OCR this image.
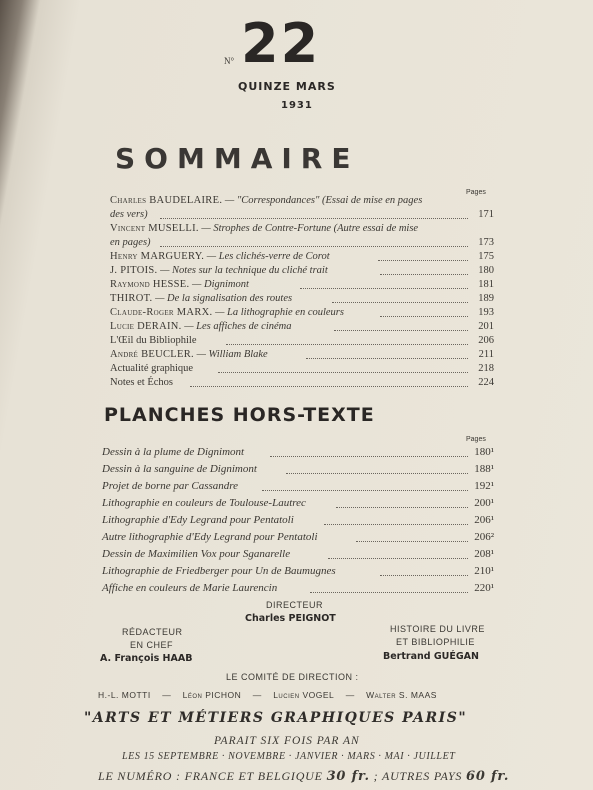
N° 22
QUINZE MARS
1931
SOMMAIRE
Pages
Charles BAUDELAIRE. — "Correspondances" (Essai de mise en pages
des vers)	171
Vincent MUSELLI. — Strophes de Contre-Fortune (Autre essai de mise
en pages)	173
Henry MARGUERY. — Les clichés-verre de Corot	175
J. PITOIS. — Notes sur la technique du cliché trait	180
Raymond HESSE. — Dignimont	181
THIROT. — De la signalisation des routes	189
Claude-Roger MARX. — La lithographie en couleurs	193
Lucie DERAIN. — Les affiches de cinéma	201
L'Œil du Bibliophile	206
André BEUCLER. — William Blake	211
Actualité graphique	218
Notes et Échos	224
PLANCHES HORS-TEXTE
Pages
Dessin à la plume de Dignimont	180¹
Dessin à la sanguine de Dignimont	188¹
Projet de borne par Cassandre	192¹
Lithographie en couleurs de Toulouse-Lautrec	200¹
Lithographie d'Edy Legrand pour Pentatoli	206¹
Autre lithographie d'Edy Legrand pour Pentatoli	206²
Dessin de Maximilien Vox pour Sganarelle	208¹
Lithographie de Friedberger pour Un de Baumugnes	210¹
Affiche en couleurs de Marie Laurencin	220¹
DIRECTEUR
Charles PEIGNOT
RÉDACTEUR
EN CHEF
A. François HAAB
HISTOIRE DU LIVRE
ET BIBLIOPHILIE
Bertrand GUÉGAN
LE COMITÉ DE DIRECTION :
H.-L. MOTTI — Léon PICHON — Lucien VOGEL — Walter S. MAAS
"ARTS ET MÉTIERS GRAPHIQUES PARIS"
PARAIT SIX FOIS PAR AN
LES 15 SEPTEMBRE · NOVEMBRE · JANVIER · MARS · MAI · JUILLET
LE NUMÉRO : FRANCE ET BELGIQUE 30 fr. ; AUTRES PAYS 60 fr.
